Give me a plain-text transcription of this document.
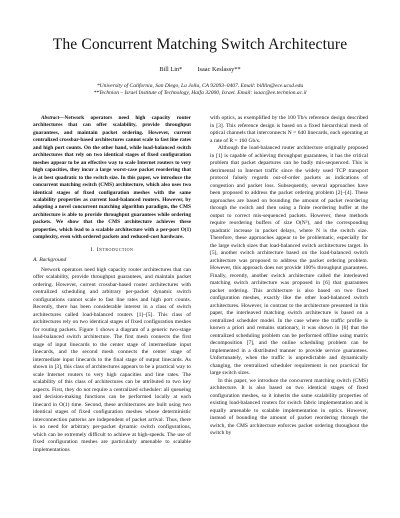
The Concurrent Matching Switch Architecture
Bill Lin* Isaac Keslassy**
*University of California, San Diego, La Jolla, CA 92093–0407. Email: billlin@ece.ucsd.edu
**Technion – Israel Institute of Technology, Haifa 32000, Israel. Email: isaac@ee.technion.ac.il

Abstract—Network operators need high capacity router architectures that can offer scalability, provide throughput guarantees, and maintain packet ordering. However, current centralized crossbar-based architectures cannot scale to fast line rates and high port counts. On the other hand, while load-balanced switch architectures that rely on two identical stages of fixed configuration meshes appear to be an effective way to scale Internet routers to very high capacities, they incur a large worst-case packet reordering that is at best quadratic to the switch size. In this paper, we introduce the concurrent matching switch (CMS) architecture, which also uses two identical stages of fixed configuration meshes with the same scalability properties as current load-balanced routers. However, by adopting a novel concurrent matching algorithm paradigm, the CMS architecture is able to provide throughput guarantees while ordering packets. We show that the CMS architecture achieves these properties, which lead to a scalable architecture with a per-port O(1) complexity, even with ordered packets and reduced-cost hardware.

I. Introduction
A. Background

Network operators need high capacity router architectures that can offer scalability, provide throughput guarantees, and maintain packet ordering. However, current crossbar-based router architectures with centralized scheduling and arbitrary per-packet dynamic switch configurations cannot scale to fast line rates and high port counts. Recently, there has been considerable interest in a class of switch architectures called load-balanced routers [1]–[5]. This class of architectures rely on two identical stages of fixed configuration meshes for routing packets. Figure 1 shows a diagram of a generic two-stage load-balanced switch architecture. The first mesh connects the first stage of input linecards to the center stage of intermediate input linecards, and the second mesh connects the center stage of intermediate input linecards to the final stage of output linecards. As shown in [3], this class of architectures appears to be a practical way to scale Internet routers to very high capacities and line rates. The scalability of this class of architectures can be attributed to two key aspects. First, they do not require a centralized scheduler: all queueing and decision-making functions can be performed locally at each linecard in O(1) time. Second, these architectures are built using two identical stages of fixed configuration meshes whose deterministic interconnection patterns are independent of packet arrival. Thus, there is no need for arbitrary per-packet dynamic switch configurations, which can be extremely difficult to achieve at high-speeds. The use of fixed configuration meshes are particularly amenable to scalable implementations

with optics, as exemplified by the 100 Tb/s reference design described in [3]. This reference design is based on a fixed hierarchical mesh of optical channels that interconnects N = 640 linecards, each operating at a rate of R = 160 Gb/s.

Although the load-balanced router architecture originally proposed in [1] is capable of achieving throughput guarantees, it has the critical problem that packet departures can be badly mis-sequenced. This is detrimental to Internet traffic since the widely used TCP transport protocol falsely regards out-of-order packets as indications of congestion and packet loss. Subsequently, several approaches have been proposed to address the packet ordering problem [2]–[4]. These approaches are based on bounding the amount of packet reordering through the switch and then using a finite reordering buffer at the output to correct mis-sequenced packets. However, these methods require reordering buffers of size O(N²), and the corresponding quadratic increase in packet delays, where N is the switch size. Therefore, these approaches appear to be problematic, especially for the large switch sizes that load-balanced switch architectures target. In [5], another switch architecture based on the load-balanced switch architecture was proposed to address the packet ordering problem. However, this approach does not provide 100% throughput guarantees. Finally, recently, another switch architecture called the interleaved matching switch architecture was proposed in [6] that guarantees packet ordering. This architecture is also based on two fixed configuration meshes, exactly like the other load-balanced switch architectures. However, in contrast to the architecture presented in this paper, the interleaved matching switch architecture is based on a centralized scheduler model. In the case where the traffic profile is known a priori and remains stationary, it was shown in [6] that the centralized scheduling problem can be performed offline using matrix decomposition [7], and the online scheduling problem can be implemented in a distributed manner to provide service guarantees. Unfortunately, when the traffic is unpredictable and dynamically changing, the centralized scheduler requirement is not practical for large switch sizes.

In this paper, we introduce the concurrent matching switch (CMS) architecture. It is also based on two identical stages of fixed configuration meshes, so it inherits the same scalability properties of existing load-balanced routers for switch fabric implementation and is equally amenable to scalable implementation in optics. However, instead of bounding the amount of packet reordering through the switch, the CMS architecture enforces packet ordering throughout the switch by
